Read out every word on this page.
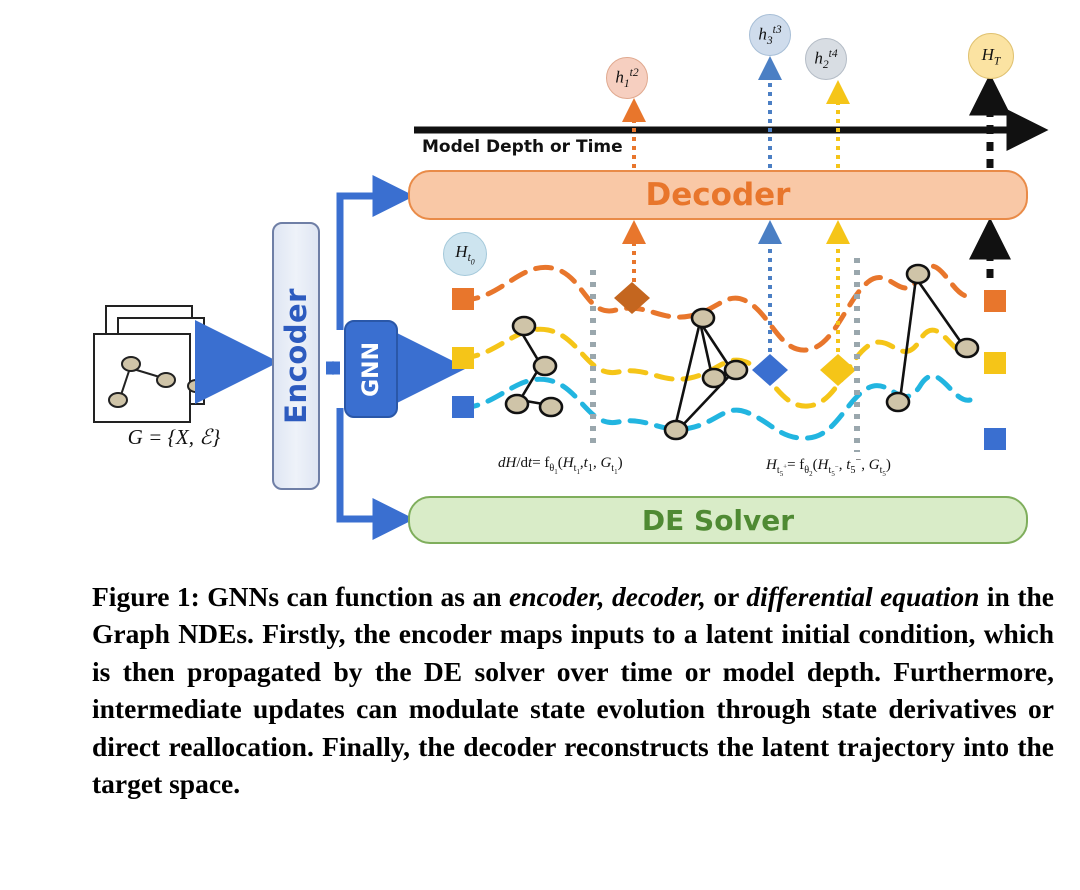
Encoder GNN
Decoder
DE Solver
Model Depth or Time
$h_1^{t2}$
$h_3^{t3}$
$h_2^{t4}$	$H_T$
$H_{t_0}$
G = {X, ℰ}
$dH/dt= f_{\theta_1}(H_{t_1},t_1$, $G_{t_1}$)	$H_{t_5^+}= f_{\theta_2}(H_{t_5^-}$, $t_5^-$, $G_{t_5}$)
Figure 1: GNNs can function as an encoder, decoder, or differential equation in the Graph NDEs. Firstly, the encoder maps inputs to a latent initial condition, which is then propagated by the DE solver over time or model depth. Furthermore, intermediate updates can modulate state evolution through state derivatives or direct reallocation. Finally, the decoder reconstructs the latent trajectory into the target space.
